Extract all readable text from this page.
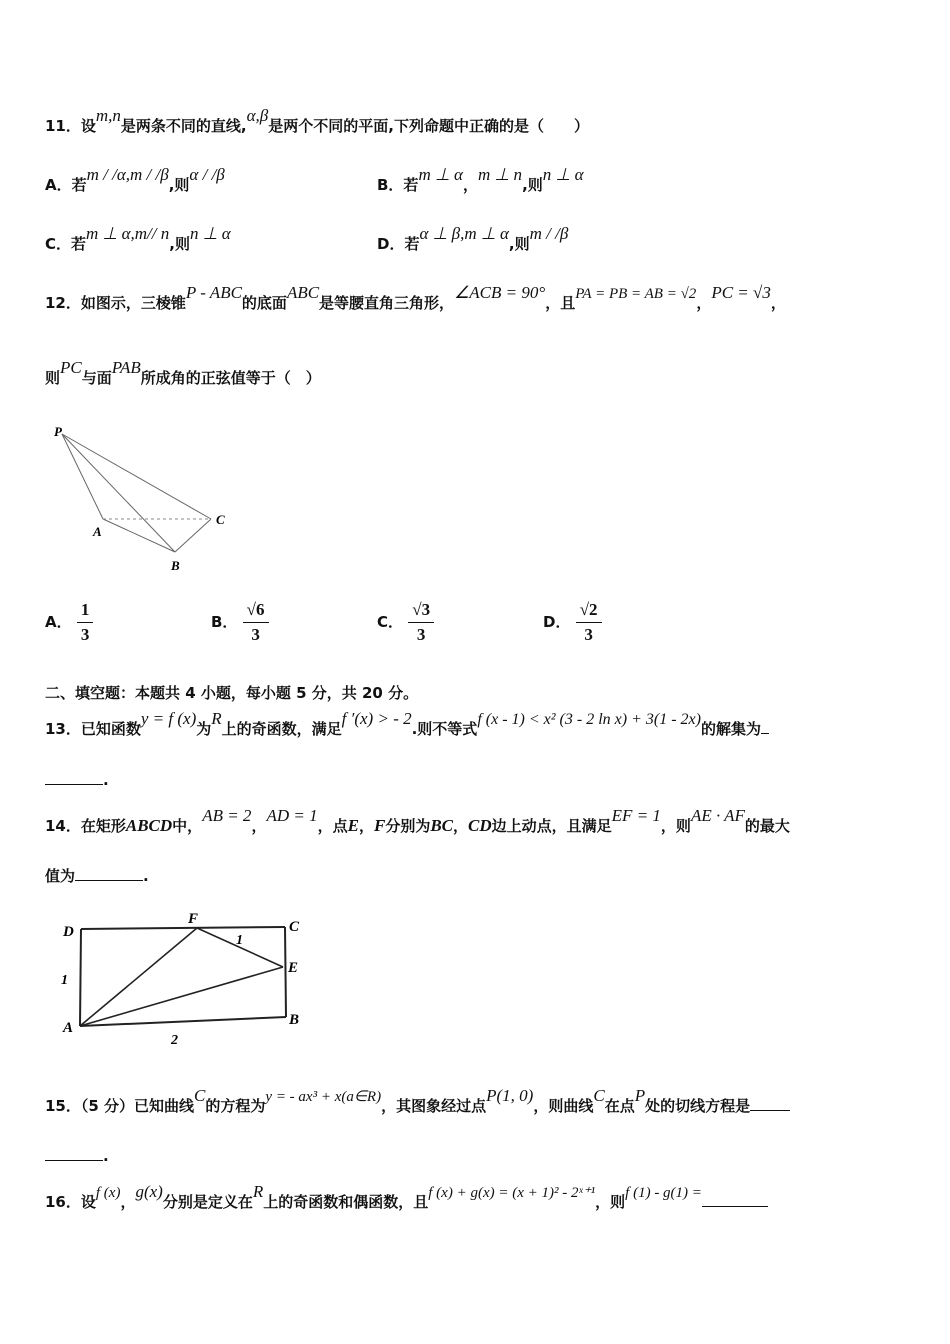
11．设m,n是两条不同的直线,α,β是两个不同的平面,下列命题中正确的是（　　）
A．若m / /α,m / /β,则α / /β
B．若m ⊥ α，m ⊥ n,则n ⊥ α
C．若m ⊥ α,m// n,则n ⊥ α
D．若α ⊥ β,m ⊥ α,则m / /β
12．如图示，三棱锥P - ABC的底面ABC是等腰直角三角形，∠ACB = 90°，且PA = PB = AB = √2，PC = √3，
则PC与面PAB所成角的正弦值等于（　）
P
A
B
C
A． $\frac{1}{3}$	B． $\frac{√6}{3}$	C． $\frac{√3}{3}$	D． $\frac{√2}{3}$
二、填空题：本题共 4 小题，每小题 5 分，共 20 分。
13．已知函数y = f (x)为R上的奇函数，满足f ′(x) > - 2.则不等式f (x - 1) < x² (3 - 2 ln x) + 3(1 - 2x)的解集为
.
14．在矩形ABCD中，AB = 2，AD = 1，点E，F分别为BC，CD边上动点，且满足EF = 1，则AE · AF的最大
值为	.
D
F	C
E
A	B
1
1
2
15．（5 分）已知曲线C的方程为y = - ax³ + x(a∈R)，其图象经过点P(1, 0)，则曲线C在点P处的切线方程是
.
16．设f (x)，g(x)分别是定义在R上的奇函数和偶函数，且f (x) + g(x) = (x + 1)² - 2ˣ⁺¹，则f (1) - g(1) =
